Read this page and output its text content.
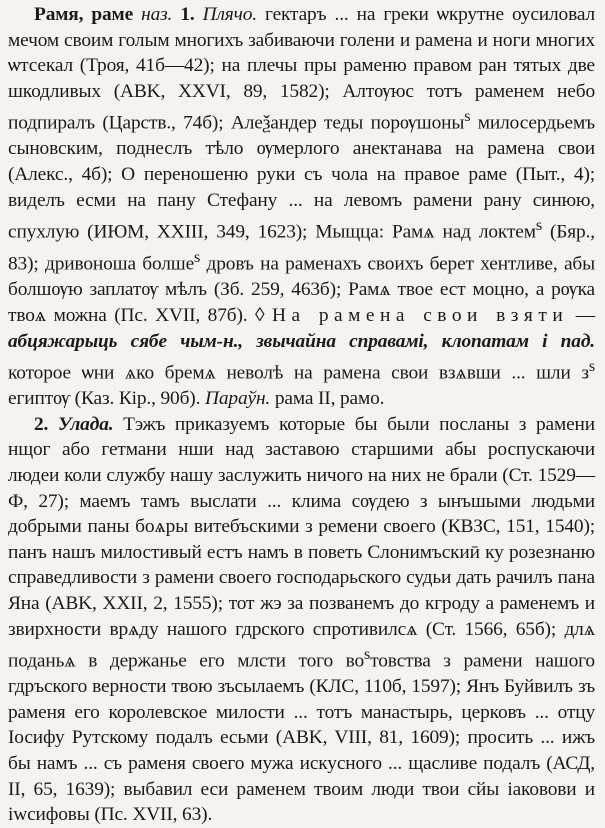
Рамя, раме наз. 1. Плячо. гектаръ ... на греки ѡкрутне оусиловал мечом своим голым многихъ забиваючи голени и рамена и ноги многих ѡтсекал (Троя, 41б—42); на плечы пры раменю правом ран тятых две шкодливых (ABK, XXVI, 89, 1582); Алтѹюс тотъ раменем небо подпиралъ (Царств., 74б); Алеѯандер теды порѹшоны$^s$ милосердьемъ сыновским, поднеслъ тѣло ѹмерлого анектанава на рамена свои (Алекс., 4б); О переношеню руки съ чола на правое раме (Пыт., 4); виделъ есми на пану Стефану ... на левомъ рамени рану синюю, спухлую (ИЮМ, XXIII, 349, 1623); Мыщца: Рамѧ над локтем$^s$ (Бяр., 83); дривоноша болше$^s$ дровъ на раменахъ своихъ берет хентливе, абы болшѹю заплатѹ мѣлъ (Зб. 259, 463б); Рамѧ твое ест моцно, а рѹка твоѧ можна (Пс. XVII, 87б). ◊ На рамена свои взяти — абцяжарыць сябе чым-н., звычайна справамі, клопатам і пад. которое ѡни ѧко бремѧ неволѣ на рамена свои взѧвши ... шли $з^s$ египтѹ (Каз. Кір., 90б). Параўн. рама II, рамо.

2. Улада. Тэжъ приказуемъ которые бы были посланы з рамени нщог або гетмани нши над заставою старшими абы роспускаючи людеи коли службу нашу заслужить ничого на них не брали (Ст. 1529—Ф, 27); маемъ тамъ выслати ... клима сѹдею з ынъшыми людьми добрыми паны боѧры витебъскими з ремени своего (КВЗС, 151, 1540); панъ нашъ милостивый естъ намъ в поветь Слонимъскиӣ ку розезнаню справедливости з рамени своего господарьского судьи дать рачилъ пана Яна (ABK, XXII, 2, 1555); тот жэ за позванемъ до кгроду а раменемъ и звирхности врѧду нашого гдрского спротивилсѧ (Ст. 1566, 65б); длѧ поданьѧ в держанье его млсти того $во^sтовства$ з рамени нашого гдръского верности твою зъсылаемъ (КЛС, 110б, 1597); Янъ Буйвилъ зъ раменя его королевское милости ... тотъ манастырь, церковъ ... отцу Іосифу Рутскому подалъ есьми (ABK, VIII, 81, 1609); просить ... ижъ бы намъ ... съ раменя своего мужа искусного ... щасливе подалъ (АСД, II, 65, 1639); выбавил еси раменем твоим люди твои сйы іаковови и іwсифовы (Пс. XVII, 63).
